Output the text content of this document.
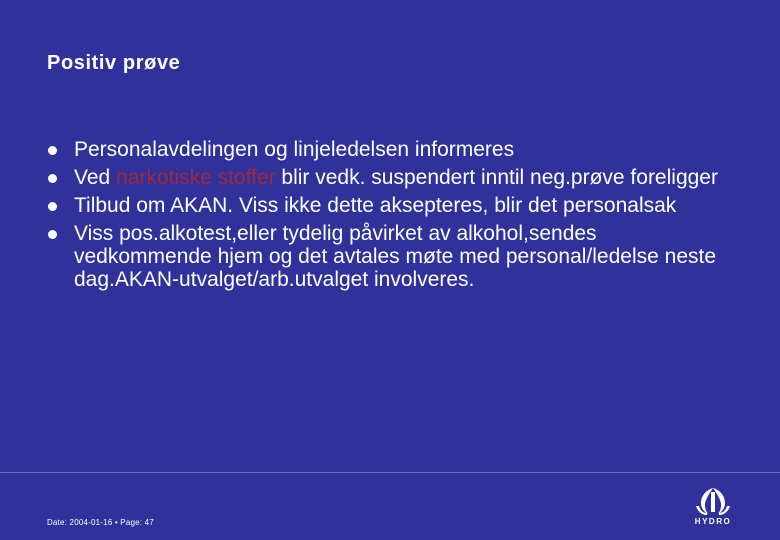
Positiv prøve
Personalavdelingen og linjeledelsen informeres
Ved narkotiske stoffer blir vedk. suspendert inntil neg.prøve foreligger
Tilbud om AKAN. Viss ikke dette aksepteres, blir det personalsak
Viss pos.alkotest,eller tydelig påvirket av alkohol,sendes vedkommende hjem og det avtales møte med personal/ledelse neste dag.AKAN-utvalget/arb.utvalget involveres.
Date: 2004-01-16 • Page: 47	HYDRO
